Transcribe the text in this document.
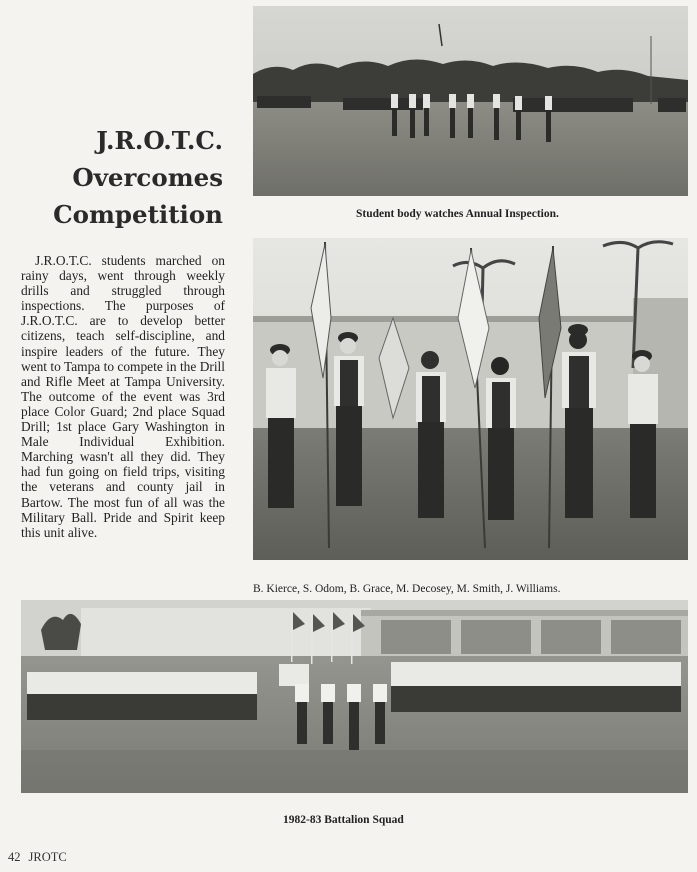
J.R.O.T.C.
Overcomes
Competition

J.R.O.T.C. students marched on rainy days, went through weekly drills and struggled through inspections. The purposes of J.R.O.T.C. are to develop better citizens, teach self-discipline, and inspire leaders of the future. They went to Tampa to compete in the Drill and Rifle Meet at Tampa University. The outcome of the event was 3rd place Color Guard; 2nd place Squad Drill; 1st place Gary Washington in Male Individual Exhibition. Marching wasn't all they did. They had fun going on field trips, visiting the veterans and county jail in Bartow. The most fun of all was the Military Ball. Pride and Spirit keep this unit alive.

Student body watches Annual Inspection.

B. Kierce, S. Odom, B. Grace, M. Decosey, M. Smith, J. Williams.

1982-83 Battalion Squad

42 JROTC
